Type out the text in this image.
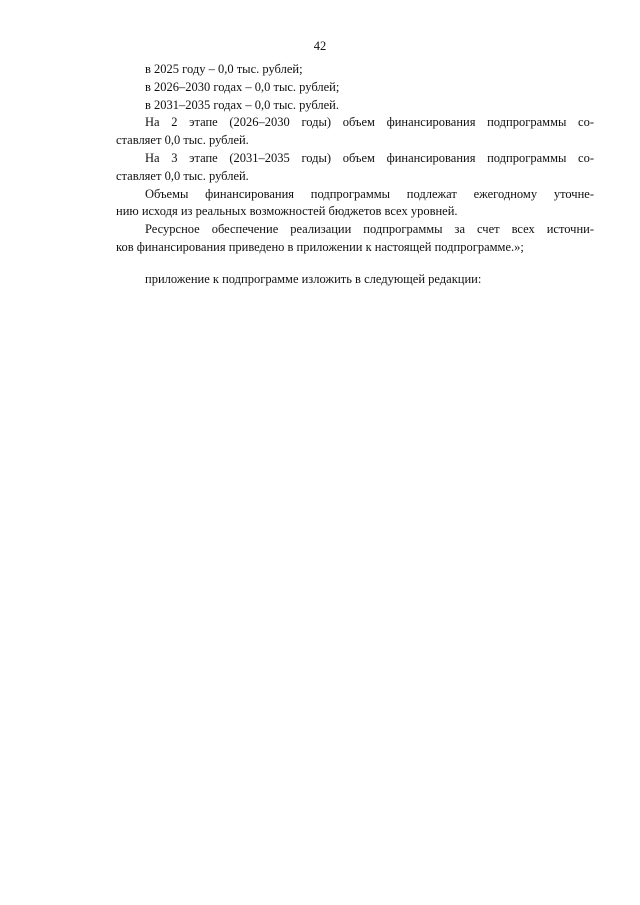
42
в 2025 году – 0,0 тыс. рублей;
в 2026–2030 годах – 0,0 тыс. рублей;
в 2031–2035 годах – 0,0 тыс. рублей.
На 2 этапе (2026–2030 годы) объем финансирования подпрограммы со-
ставляет 0,0 тыс. рублей.
На 3 этапе (2031–2035 годы) объем финансирования подпрограммы со-
ставляет 0,0 тыс. рублей.
Объемы финансирования подпрограммы подлежат ежегодному уточне-
нию исходя из реальных возможностей бюджетов всех уровней.
Ресурсное обеспечение реализации подпрограммы за счет всех источни-
ков финансирования приведено в приложении к настоящей подпрограмме.»;
приложение к подпрограмме изложить в следующей редакции:
